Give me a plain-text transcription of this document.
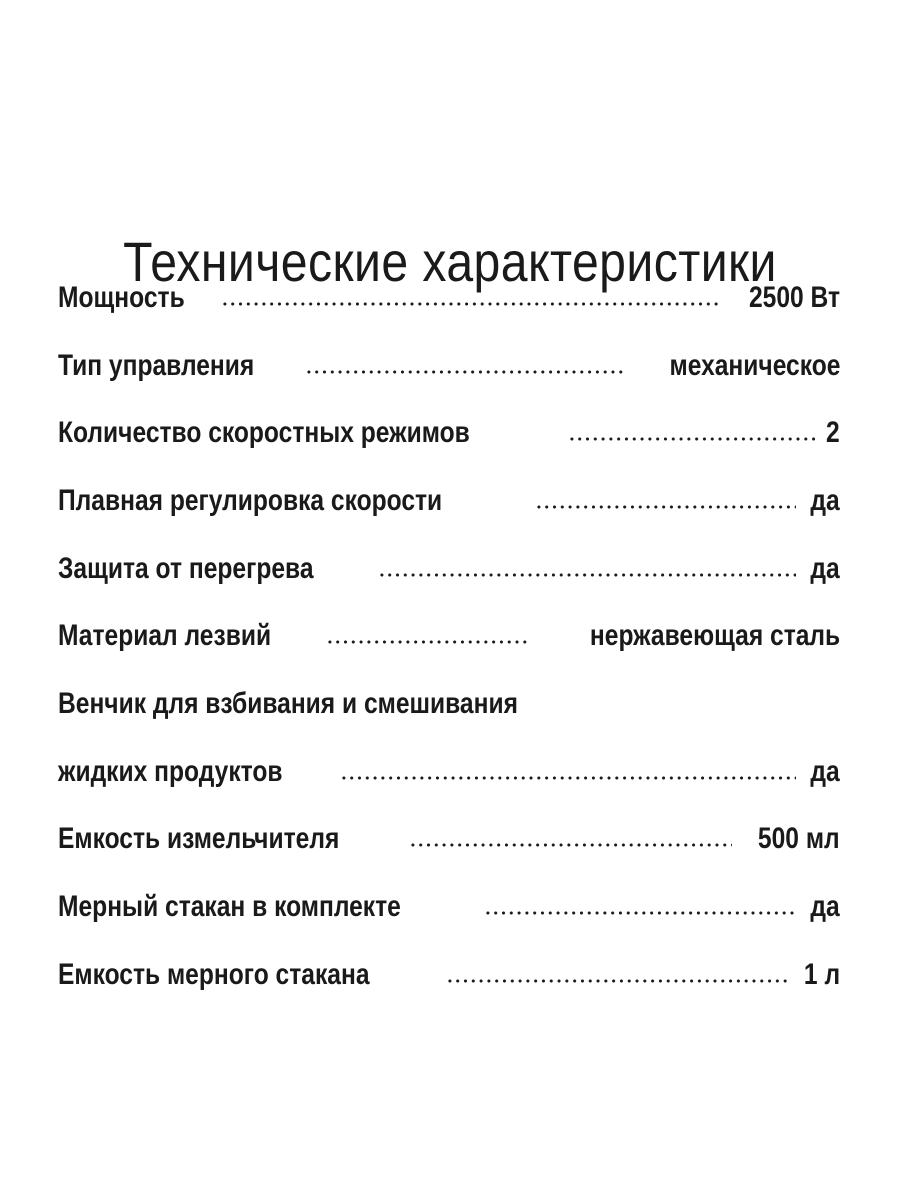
Технические характеристики
Мощность	2500 Вт
Тип управления	механическое
Количество скоростных режимов	2
Плавная регулировка скорости	да
Защита от перегрева	да
Материал лезвий	нержавеющая сталь
Венчик для взбивания и смешивания
жидких продуктов	да
Емкость измельчителя	500 мл
Мерный стакан в комплекте	да
Емкость мерного стакана	1 л
